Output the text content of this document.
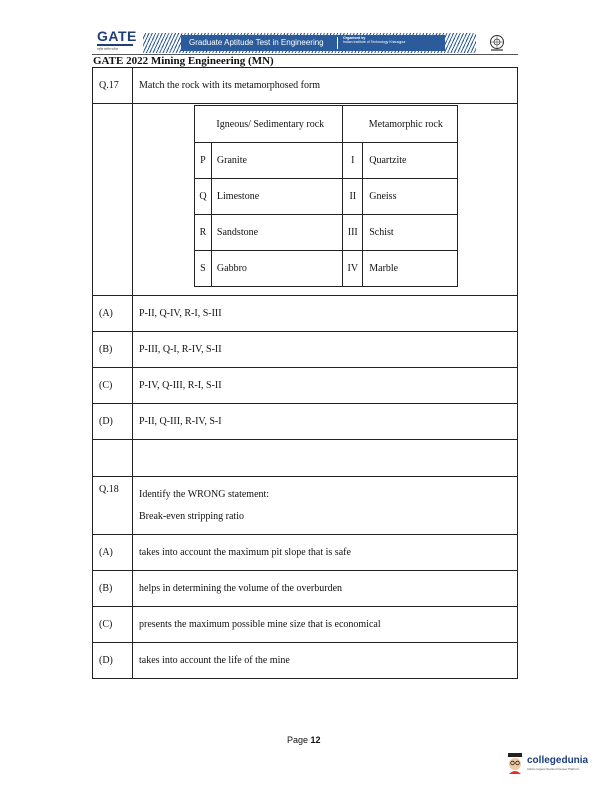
GATE
राष्ट्रीय स्तरीय परीक्षा
Graduate Aptitude Test in Engineering	Organised by
Indian Institute of Technology Kharagpur
GATE 2022 Mining Engineering (MN)
Q.17	Match the rock with its metamorphosed form
(A)	P-II, Q-IV, R-I, S-III
(B)	P-III, Q-I, R-IV, S-II
(C)	P-IV, Q-III, R-I, S-II
(D)	P-II, Q-III, R-IV, S-I
Q.18	Identify the WRONG statement:
Break-even stripping ratio
(A)	takes into account the maximum pit slope that is safe
(B)	helps in determining the volume of the overburden
(C)	presents the maximum possible mine size that is economical
(D)	takes into account the life of the mine
	Igneous/ Sedimentary rock		Metamorphic rock
P	Granite	I	Quartzite
Q	Limestone	II	Gneiss
R	Sandstone	III	Schist
S	Gabbro	IV	Marble
Page 12
collegedunia
India's largest Student Review Platform
